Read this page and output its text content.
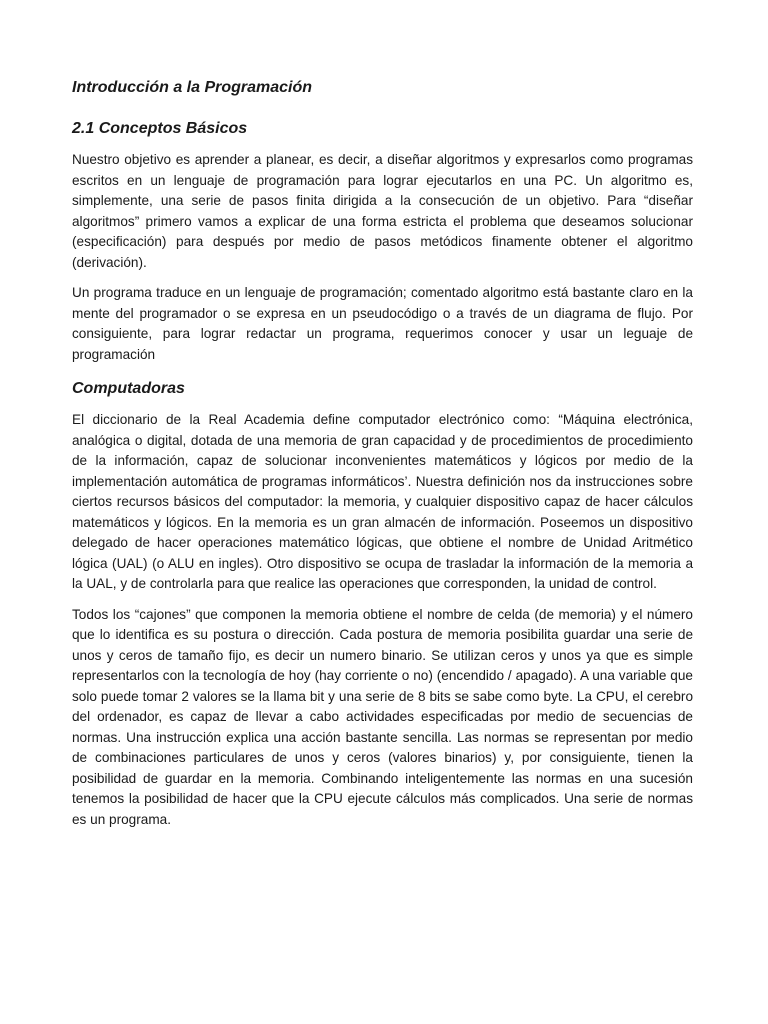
Introducción a la Programación
2.1 Conceptos Básicos

Nuestro objetivo es aprender a planear, es decir, a diseñar algoritmos y expresarlos como programas escritos en un lenguaje de programación para lograr ejecutarlos en una PC. Un algoritmo es, simplemente, una serie de pasos finita dirigida a la consecución de un objetivo. Para “diseñar algoritmos” primero vamos a explicar de una forma estricta el problema que deseamos solucionar (especificación) para después por medio de pasos metódicos finamente obtener el algoritmo (derivación).

Un programa traduce en un lenguaje de programación; comentado algoritmo está bastante claro en la mente del programador o se expresa en un pseudocódigo o a través de un diagrama de flujo. Por consiguiente, para lograr redactar un programa, requerimos conocer y usar un leguaje de programación

Computadoras

El diccionario de la Real Academia define computador electrónico como: “Máquina electrónica, analógica o digital, dotada de una memoria de gran capacidad y de procedimientos de procedimiento de la información, capaz de solucionar inconvenientes matemáticos y lógicos por medio de la implementación automática de programas informáticos’. Nuestra definición nos da instrucciones sobre ciertos recursos básicos del computador: la memoria, y cualquier dispositivo capaz de hacer cálculos matemáticos y lógicos. En la memoria es un gran almacén de información. Poseemos un dispositivo delegado de hacer operaciones matemático lógicas, que obtiene el nombre de Unidad Aritmético lógica (UAL) (o ALU en ingles). Otro dispositivo se ocupa de trasladar la información de la memoria a la UAL, y de controlarla para que realice las operaciones que corresponden, la unidad de control.

Todos los “cajones” que componen la memoria obtiene el nombre de celda (de memoria) y el número que lo identifica es su postura o dirección. Cada postura de memoria posibilita guardar una serie de unos y ceros de tamaño fijo, es decir un numero binario. Se utilizan ceros y unos ya que es simple representarlos con la tecnología de hoy (hay corriente o no) (encendido / apagado). A una variable que solo puede tomar 2 valores se la llama bit y una serie de 8 bits se sabe como byte. La CPU, el cerebro del ordenador, es capaz de llevar a cabo actividades especificadas por medio de secuencias de normas. Una instrucción explica una acción bastante sencilla. Las normas se representan por medio de combinaciones particulares de unos y ceros (valores binarios) y, por consiguiente, tienen la posibilidad de guardar en la memoria. Combinando inteligentemente las normas en una sucesión tenemos la posibilidad de hacer que la CPU ejecute cálculos más complicados. Una serie de normas es un programa.
